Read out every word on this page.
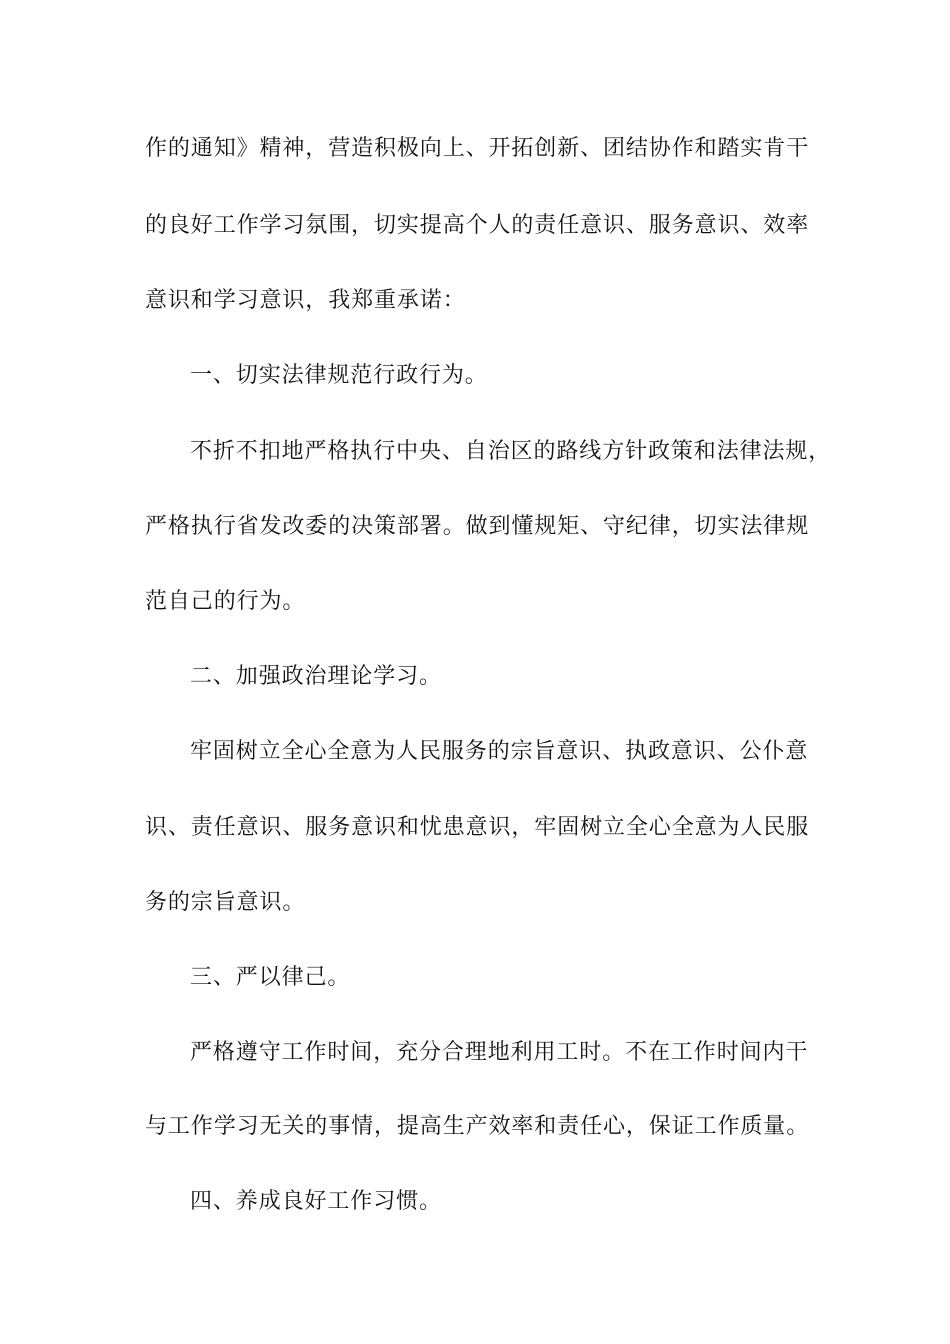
作的通知》精神，营造积极向上、开拓创新、团结协作和踏实肯干
的良好工作学习氛围，切实提高个人的责任意识、服务意识、效率
意识和学习意识，我郑重承诺：
一、切实法律规范行政行为。
不折不扣地严格执行中央、自治区的路线方针政策和法律法规，
严格执行省发改委的决策部署。做到懂规矩、守纪律，切实法律规
范自己的行为。
二、加强政治理论学习。
牢固树立全心全意为人民服务的宗旨意识、执政意识、公仆意
识、责任意识、服务意识和忧患意识，牢固树立全心全意为人民服
务的宗旨意识。
三、严以律己。
严格遵守工作时间，充分合理地利用工时。不在工作时间内干
与工作学习无关的事情，提高生产效率和责任心，保证工作质量。
四、养成良好工作习惯。
